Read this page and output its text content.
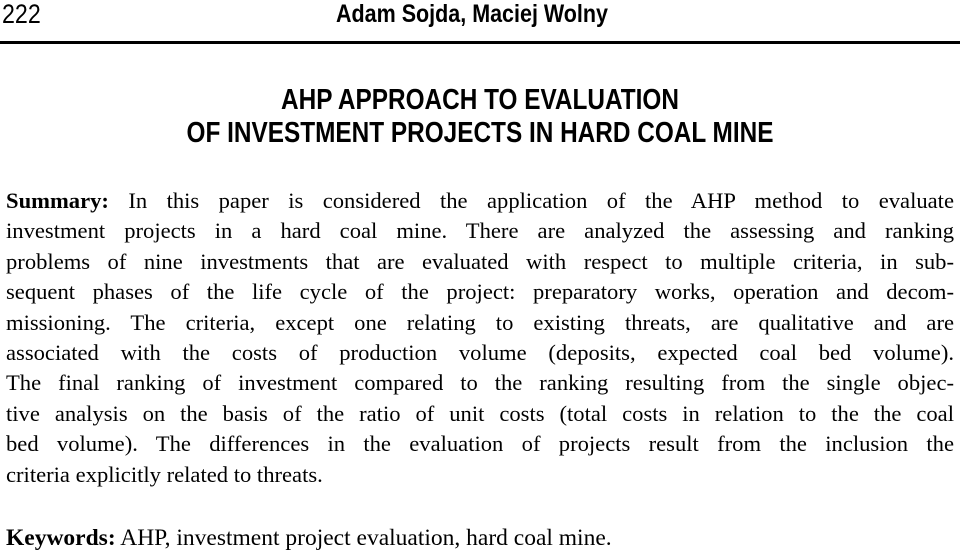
222	Adam Sojda, Maciej Wolny
AHP APPROACH TO EVALUATION
OF INVESTMENT PROJECTS IN HARD COAL MINE
Summary: In this paper is considered the application of the AHP method to evaluate
investment projects in a hard coal mine. There are analyzed the assessing and ranking
problems of nine investments that are evaluated with respect to multiple criteria, in sub-
sequent phases of the life cycle of the project: preparatory works, operation and decom-
missioning. The criteria, except one relating to existing threats, are qualitative and are
associated with the costs of production volume (deposits, expected coal bed volume).
The final ranking of investment compared to the ranking resulting from the single objec-
tive analysis on the basis of the ratio of unit costs (total costs in relation to the the coal
bed volume). The differences in the evaluation of projects result from the inclusion the
criteria explicitly related to threats.

Keywords: AHP, investment project evaluation, hard coal mine.
